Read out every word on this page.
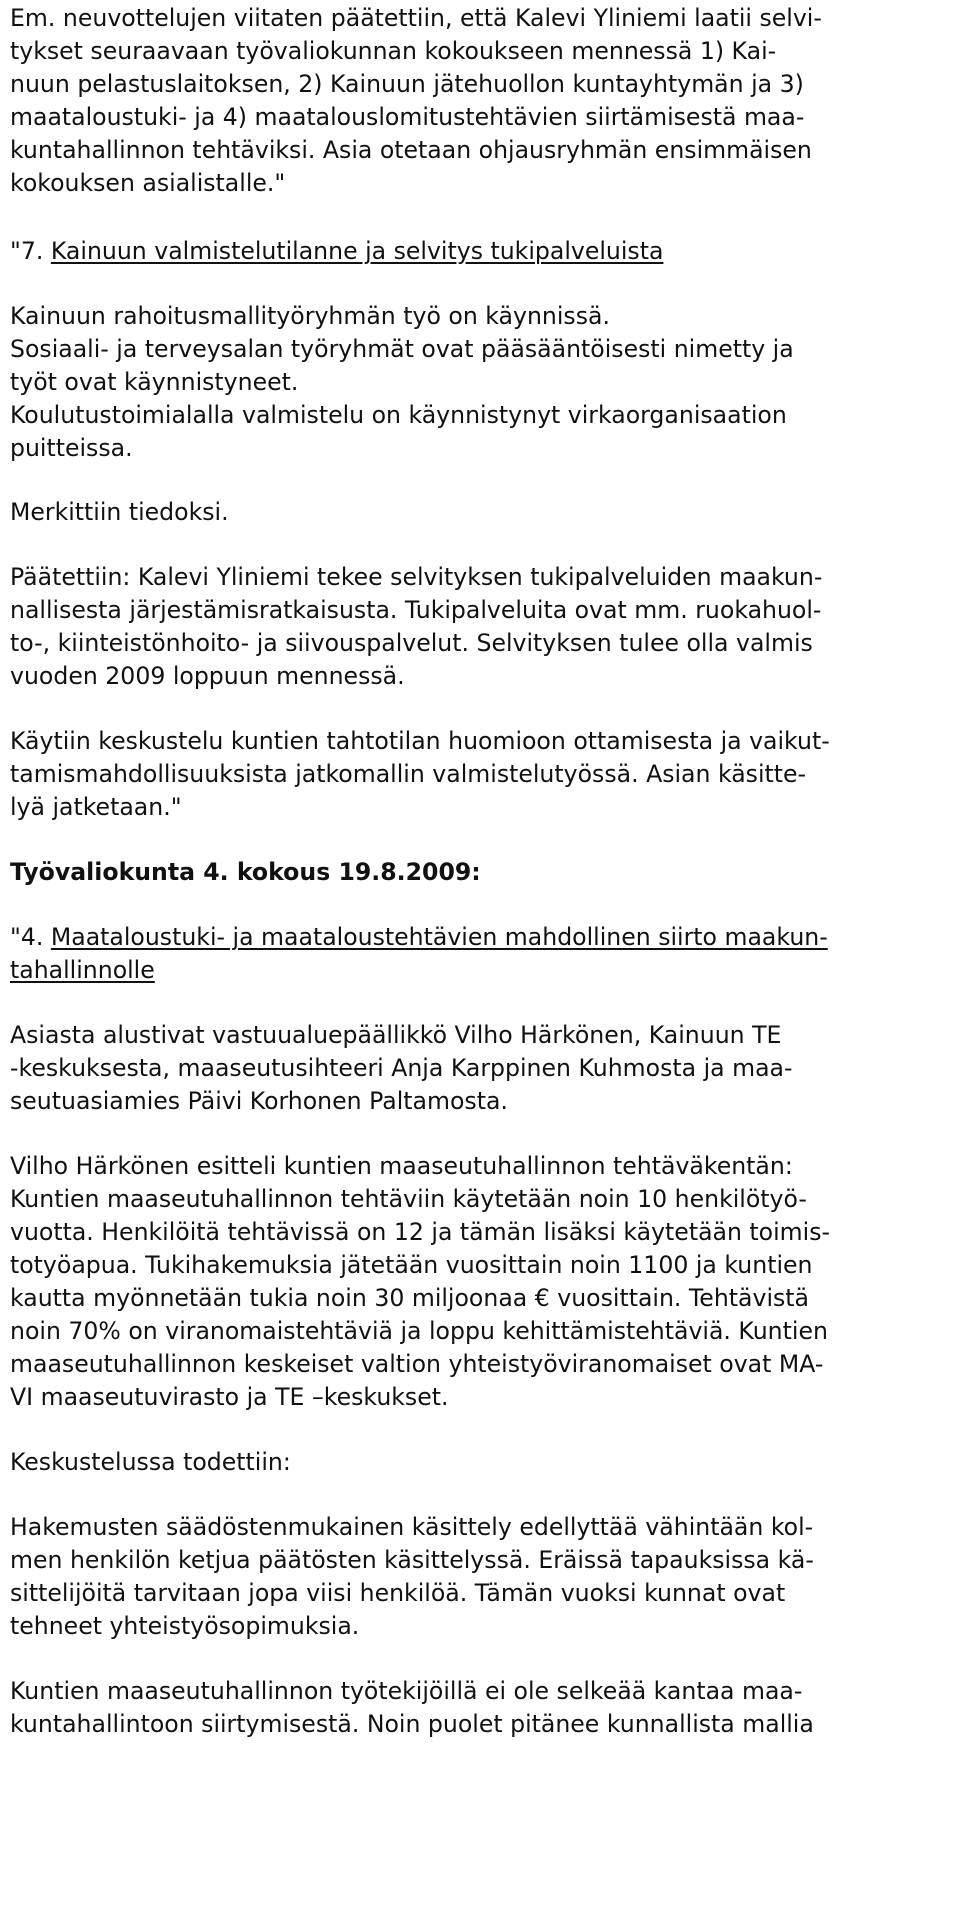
Em. neuvottelujen viitaten päätettiin, että Kalevi Yliniemi laatii selvi-
tykset seuraavaan työvaliokunnan kokoukseen mennessä 1) Kai-
nuun pelastuslaitoksen, 2) Kainuun jätehuollon kuntayhtymän ja 3)
maataloustuki- ja 4) maatalouslomitustehtävien siirtämisestä maa-
kuntahallinnon tehtäviksi. Asia otetaan ohjausryhmän ensimmäisen
kokouksen asialistalle."
"7. Kainuun valmistelutilanne ja selvitys tukipalveluista
Kainuun rahoitusmallityöryhmän työ on käynnissä.
Sosiaali- ja terveysalan työryhmät ovat pääsääntöisesti nimetty ja
työt ovat käynnistyneet.
Koulutustoimialalla valmistelu on käynnistynyt virkaorganisaation
puitteissa.
Merkittiin tiedoksi.
Päätettiin: Kalevi Yliniemi tekee selvityksen tukipalveluiden maakun-
nallisesta järjestämisratkaisusta. Tukipalveluita ovat mm. ruokahuol-
to-, kiinteistönhoito- ja siivouspalvelut. Selvityksen tulee olla valmis
vuoden 2009 loppuun mennessä.
Käytiin keskustelu kuntien tahtotilan huomioon ottamisesta ja vaikut-
tamismahdollisuuksista jatkomallin valmistelutyössä. Asian käsitte-
lyä jatketaan."
Työvaliokunta 4. kokous 19.8.2009:
"4. Maataloustuki- ja maataloustehtävien mahdollinen siirto maakun-
tahallinnolle
Asiasta alustivat vastuualuepäällikkö Vilho Härkönen, Kainuun TE
-keskuksesta, maaseutusihteeri Anja Karppinen Kuhmosta ja maa-
seutuasiamies Päivi Korhonen Paltamosta.
Vilho Härkönen esitteli kuntien maaseutuhallinnon tehtäväkentän:
Kuntien maaseutuhallinnon tehtäviin käytetään noin 10 henkilötyö-
vuotta. Henkilöitä tehtävissä on 12 ja tämän lisäksi käytetään toimis-
totyöapua. Tukihakemuksia jätetään vuosittain noin 1100 ja kuntien
kautta myönnetään tukia noin 30 miljoonaa € vuosittain. Tehtävistä
noin 70% on viranomaistehtäviä ja loppu kehittämistehtäviä. Kuntien
maaseutuhallinnon keskeiset valtion yhteistyöviranomaiset ovat MA-
VI maaseutuvirasto ja TE –keskukset.
Keskustelussa todettiin:
Hakemusten säädöstenmukainen käsittely edellyttää vähintään kol-
men henkilön ketjua päätösten käsittelyssä. Eräissä tapauksissa kä-
sittelijöitä tarvitaan jopa viisi henkilöä. Tämän vuoksi kunnat ovat
tehneet yhteistyösopimuksia.
Kuntien maaseutuhallinnon työtekijöillä ei ole selkeää kantaa maa-
kuntahallintoon siirtymisestä. Noin puolet pitänee kunnallista mallia
